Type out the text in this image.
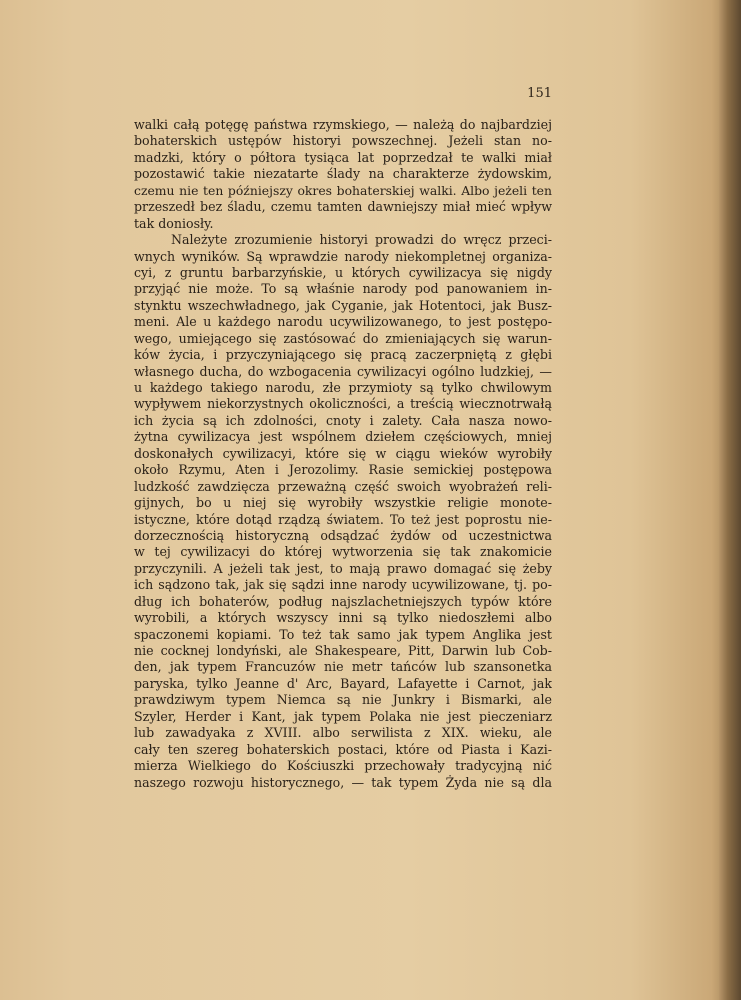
151
walki całą potęgę państwa rzymskiego, — należą do najbardziej
bohaterskich ustępów historyi powszechnej. Jeżeli stan no-
madzki, który o półtora tysiąca lat poprzedzał te walki miał
pozostawić takie niezatarte ślady na charakterze żydowskim,
czemu nie ten późniejszy okres bohaterskiej walki. Albo jeżeli ten
przeszedł bez śladu, czemu tamten dawniejszy miał mieć wpływ
tak doniosły.
Należyte zrozumienie historyi prowadzi do wręcz przeci-
wnych wyników. Są wprawdzie narody niekompletnej organiza-
cyi, z gruntu barbarzyńskie, u których cywilizacya się nigdy
przyjąć nie może. To są właśnie narody pod panowaniem in-
stynktu wszechwładnego, jak Cyganie, jak Hotentoci, jak Busz-
meni. Ale u każdego narodu ucywilizowanego, to jest postępo-
wego, umiejącego się zastósować do zmieniających się warun-
ków życia, i przyczyniającego się pracą zaczerpniętą z głębi
własnego ducha, do wzbogacenia cywilizacyi ogólno ludzkiej, —
u każdego takiego narodu, złe przymioty są tylko chwilowym
wypływem niekorzystnych okoliczności, a treścią wiecznotrwałą
ich życia są ich zdolności, cnoty i zalety. Cała nasza nowo-
żytna cywilizacya jest wspólnem dziełem częściowych, mniej
doskonałych cywilizacyi, które się w ciągu wieków wyrobiły
około Rzymu, Aten i Jerozolimy. Rasie semickiej postępowa
ludzkość zawdzięcza przeważną część swoich wyobrażeń reli-
gijnych, bo u niej się wyrobiły wszystkie religie monote-
istyczne, które dotąd rządzą światem. To też jest poprostu nie-
dorzecznością historyczną odsądzać żydów od uczestnictwa
w tej cywilizacyi do której wytworzenia się tak znakomicie
przyczynili. A jeżeli tak jest, to mają prawo domagać się żeby
ich sądzono tak, jak się sądzi inne narody ucywilizowane, tj. po-
dług ich bohaterów, podług najszlachetniejszych typów które
wyrobili, a których wszyscy inni są tylko niedoszłemi albo
spaczonemi kopiami. To też tak samo jak typem Anglika jest
nie cocknej londyński, ale Shakespeare, Pitt, Darwin lub Cob-
den, jak typem Francuzów nie metr tańców lub szansonetka
paryska, tylko Jeanne d' Arc, Bayard, Lafayette i Carnot, jak
prawdziwym typem Niemca są nie Junkry i Bismarki, ale
Szyler, Herder i Kant, jak typem Polaka nie jest pieczeniarz
lub zawadyaka z XVIII. albo serwilista z XIX. wieku, ale
cały ten szereg bohaterskich postaci, które od Piasta i Kazi-
mierza Wielkiego do Kościuszki przechowały tradycyjną nić
naszego rozwoju historycznego, — tak typem Żyda nie są dla
